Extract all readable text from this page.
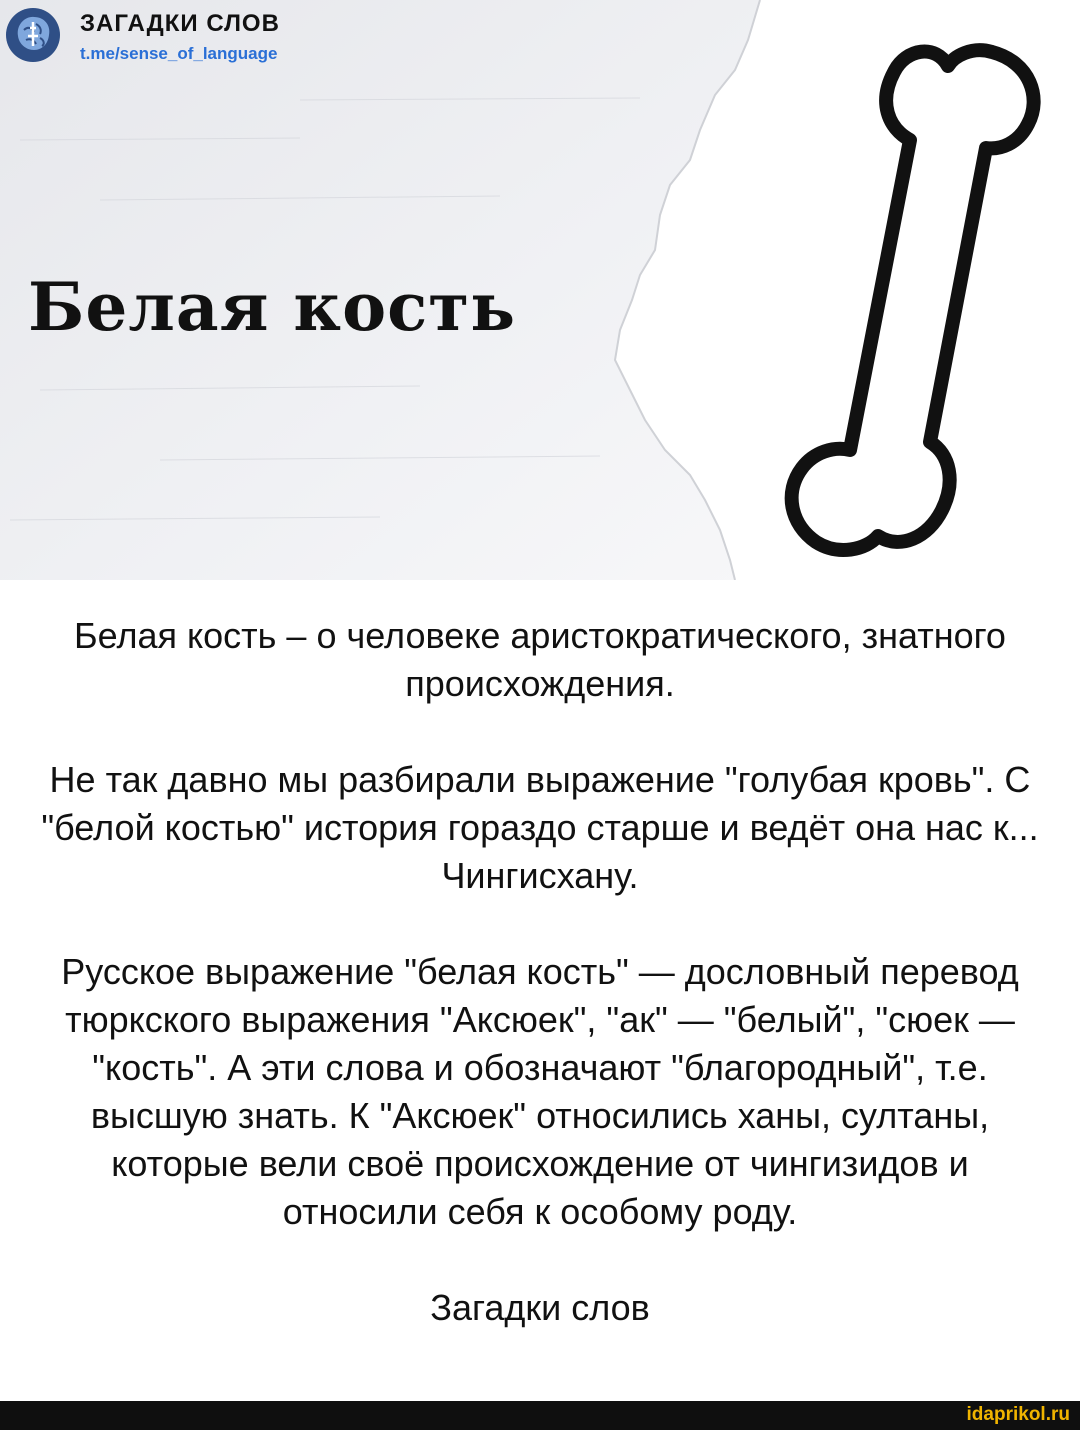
ЗАГАДКИ СЛОВ
t.me/sense_of_language
Белая кость

Белая кость – о человеке аристократического, знатного происхождения.

Не так давно мы разбирали выражение "голубая кровь". С "белой костью" история гораздо старше и ведёт она нас к... Чингисхану.

Русское выражение "белая кость" — дословный перевод тюркского выражения "Аксюек", "ак" — "белый", "сюек — "кость". А эти слова и обозначают "благородный", т.е. высшую знать. К "Аксюек" относились ханы, султаны, которые вели своё происхождение от чингизидов и относили себя к особому роду.

Загадки слов

idaprikol.ru
